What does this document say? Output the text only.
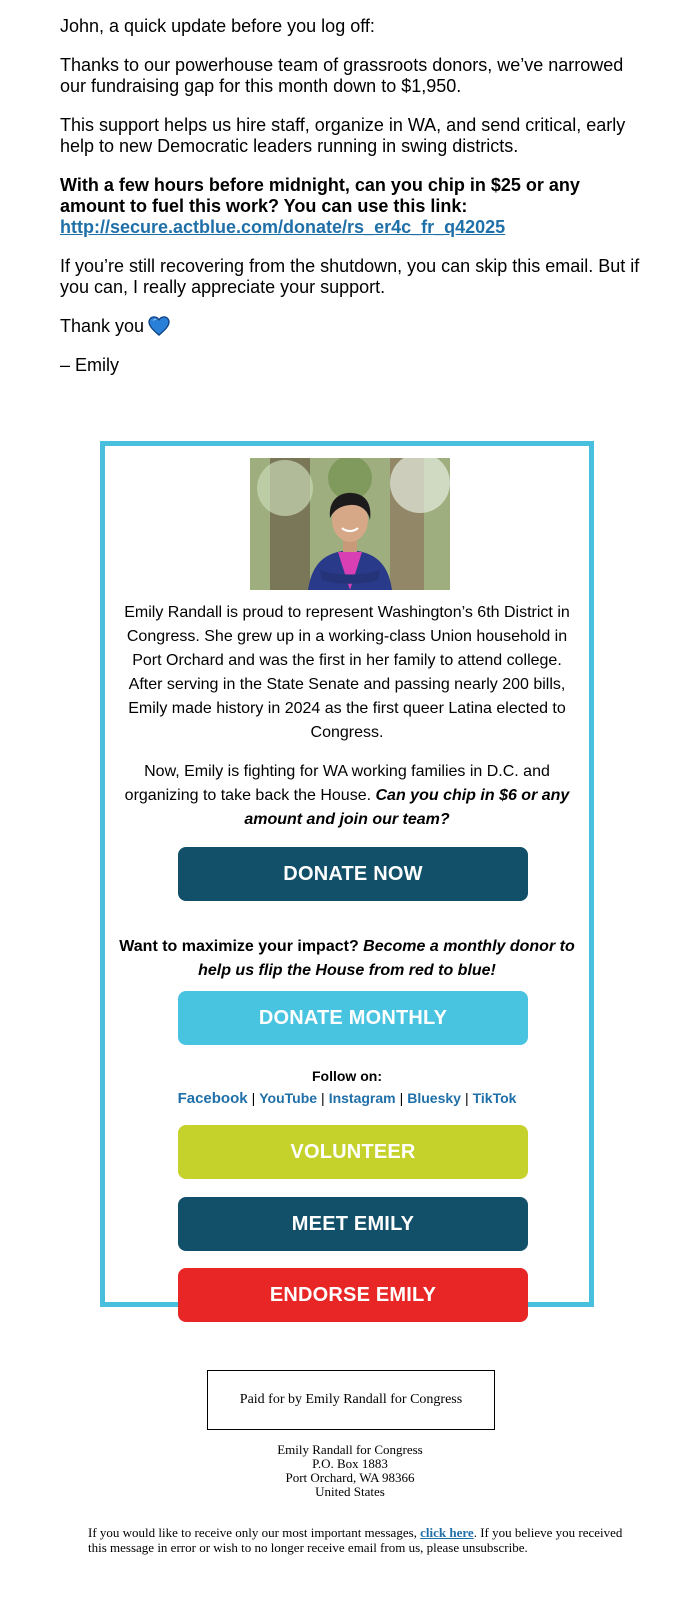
John, a quick update before you log off:

Thanks to our powerhouse team of grassroots donors, we’ve narrowed our fundraising gap for this month down to $1,950.

This support helps us hire staff, organize in WA, and send critical, early help to new Democratic leaders running in swing districts.

With a few hours before midnight, can you chip in $25 or any amount to fuel this work? You can use this link:
http://secure.actblue.com/donate/rs_er4c_fr_q42025

If you’re still recovering from the shutdown, you can skip this email. But if you can, I really appreciate your support.

Thank you

– Emily

Emily Randall is proud to represent Washington’s 6th District in Congress. She grew up in a working-class Union household in Port Orchard and was the first in her family to attend college. After serving in the State Senate and passing nearly 200 bills, Emily made history in 2024 as the first queer Latina elected to Congress.
Now, Emily is fighting for WA working families in D.C. and organizing to take back the House. Can you chip in $6 or any amount and join our team?
DONATE NOW
Want to maximize your impact? Become a monthly donor to help us flip the House from red to blue!
DONATE MONTHLY
Follow on:
Facebook | YouTube | Instagram | Bluesky | TikTok
VOLUNTEER
MEET EMILY
ENDORSE EMILY
Paid for by Emily Randall for Congress
Emily Randall for Congress
P.O. Box 1883
Port Orchard, WA 98366
United States
If you would like to receive only our most important messages, click here. If you believe you received this message in error or wish to no longer receive email from us, please unsubscribe.
